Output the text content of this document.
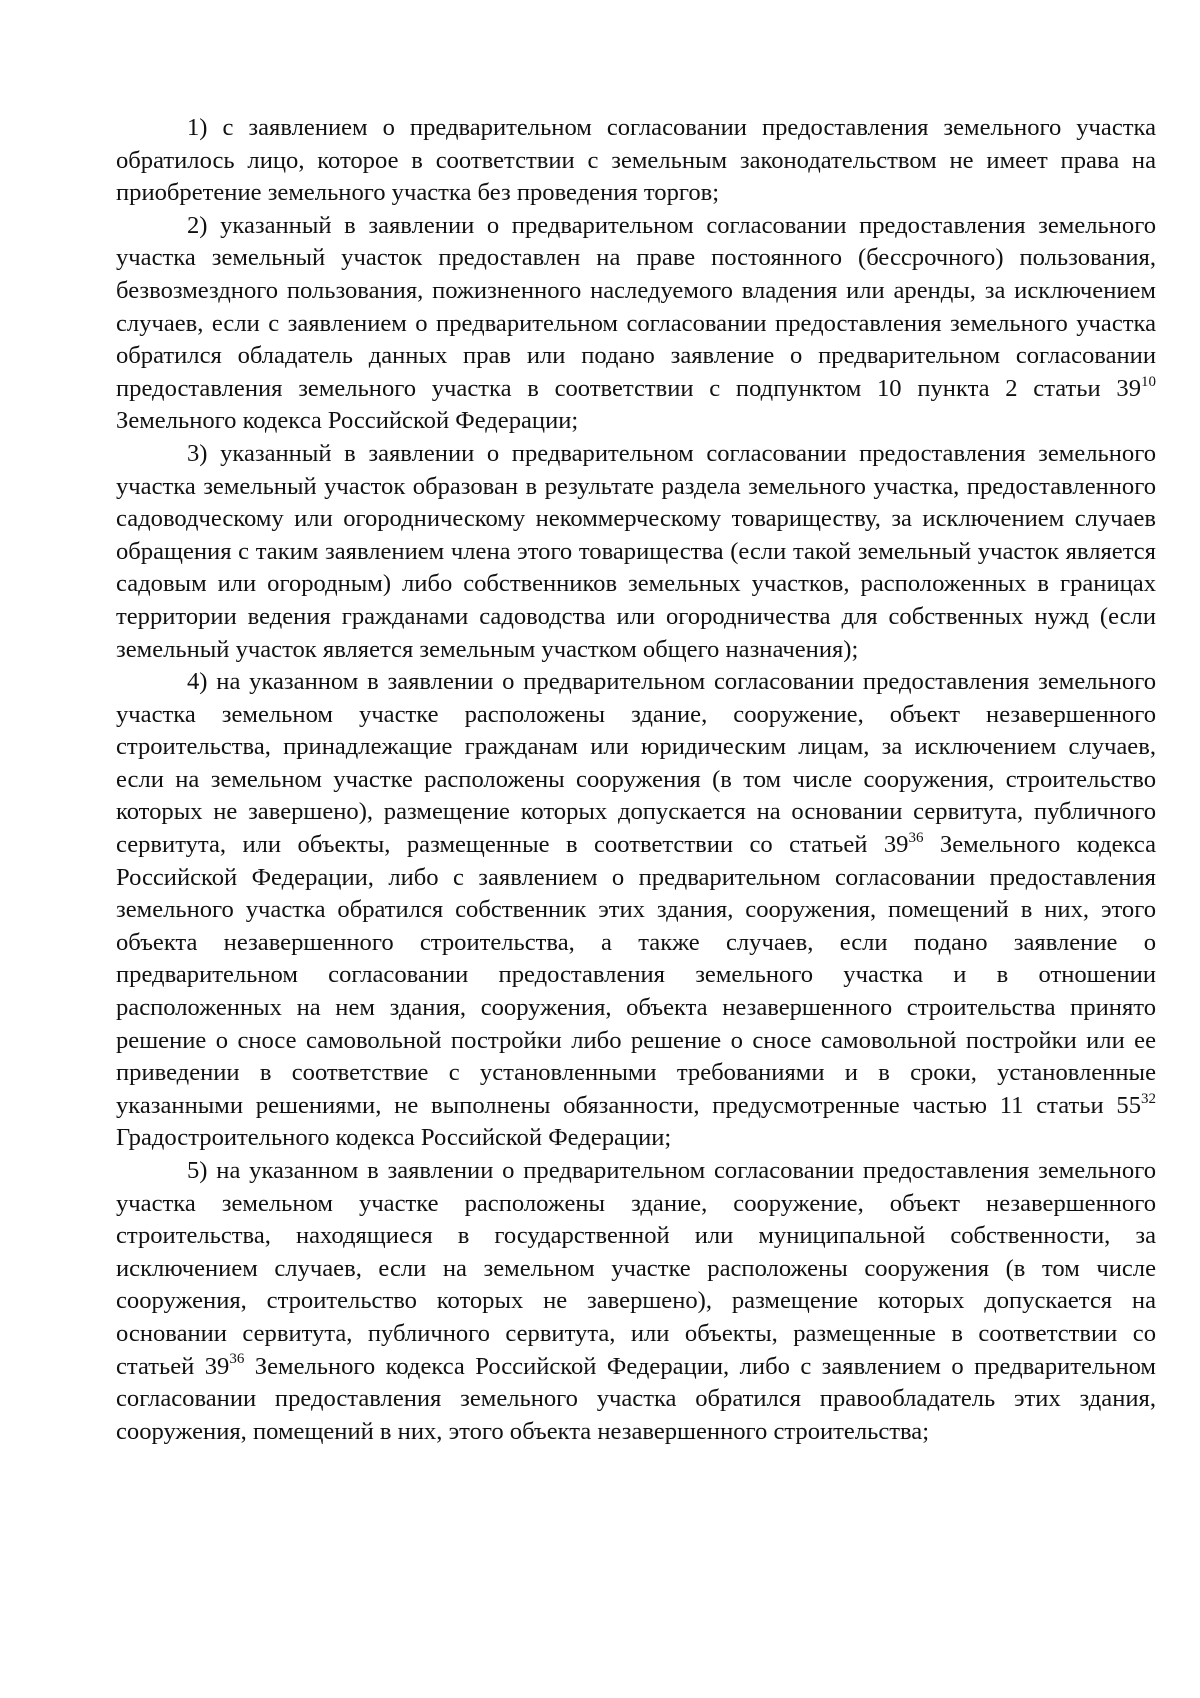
1) с заявлением о предварительном согласовании предоставления земельного участка обратилось лицо, которое в соответствии с земельным законодательством не имеет права на приобретение земельного участка без проведения торгов;

2) указанный в заявлении о предварительном согласовании предоставления земельного участка земельный участок предоставлен на праве постоянного (бессрочного) пользования, безвозмездного пользования, пожизненного наследуемого владения или аренды, за исключением случаев, если с заявлением о предварительном согласовании предоставления земельного участка обратился обладатель данных прав или подано заявление о предварительном согласовании предоставления земельного участка в соответствии с подпунктом 10 пункта 2 статьи $39^{10}$ Земельного кодекса Российской Федерации;

3) указанный в заявлении о предварительном согласовании предоставления земельного участка земельный участок образован в результате раздела земельного участка, предоставленного садоводческому или огородническому некоммерческому товариществу, за исключением случаев обращения с таким заявлением члена этого товарищества (если такой земельный участок является садовым или огородным) либо собственников земельных участков, расположенных в границах территории ведения гражданами садоводства или огородничества для собственных нужд (если земельный участок является земельным участком общего назначения);

4) на указанном в заявлении о предварительном согласовании предоставления земельного участка земельном участке расположены здание, сооружение, объект незавершенного строительства, принадлежащие гражданам или юридическим лицам, за исключением случаев, если на земельном участке расположены сооружения (в том числе сооружения, строительство которых не завершено), размещение которых допускается на основании сервитута, публичного сервитута, или объекты, размещенные в соответствии со статьей $39^{36}$ Земельного кодекса Российской Федерации, либо с заявлением о предварительном согласовании предоставления земельного участка обратился собственник этих здания, сооружения, помещений в них, этого объекта незавершенного строительства, а также случаев, если подано заявление о предварительном согласовании предоставления земельного участка и в отношении расположенных на нем здания, сооружения, объекта незавершенного строительства принято решение о сносе самовольной постройки либо решение о сносе самовольной постройки или ее приведении в соответствие с установленными требованиями и в сроки, установленные указанными решениями, не выполнены обязанности, предусмотренные частью 11 статьи $55^{32}$ Градостроительного кодекса Российской Федерации;

5) на указанном в заявлении о предварительном согласовании предоставления земельного участка земельном участке расположены здание, сооружение, объект незавершенного строительства, находящиеся в государственной или муниципальной собственности, за исключением случаев, если на земельном участке расположены сооружения (в том числе сооружения, строительство которых не завершено), размещение которых допускается на основании сервитута, публичного сервитута, или объекты, размещенные в соответствии со статьей $39^{36}$ Земельного кодекса Российской Федерации, либо с заявлением о предварительном согласовании предоставления земельного участка обратился правообладатель этих здания, сооружения, помещений в них, этого объекта незавершенного строительства;
